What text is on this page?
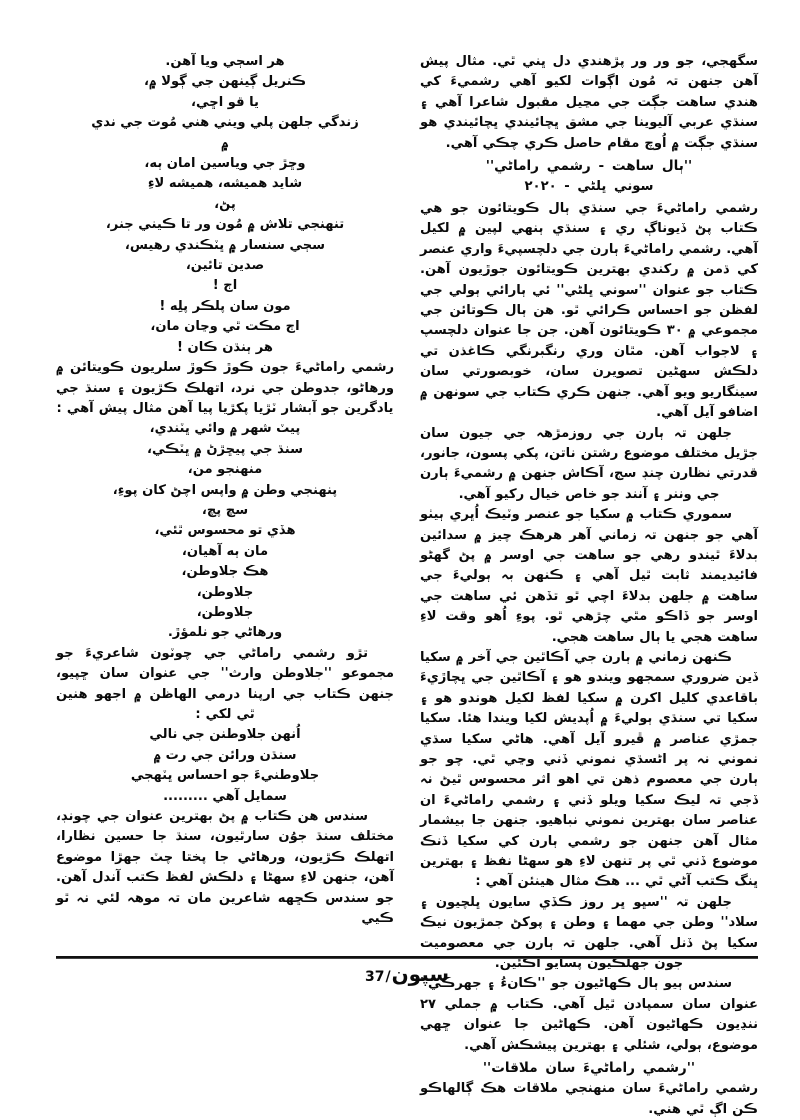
هر اسڄي ويا آهن.
ڪنريل ڳينهن جي ڳولا ۾،
يا قو اڇي،
زندگي جلهن پلي ويني هني مُوت جي ندي
۾
وڇڙ جي وياسين امان ٻه،
شايد هميشه، هميشه لاءِ
پڻ،
تنهنجي تلاش ۾ مُون ور تا ڪيني جنر،
سڄي سنسار ۾ ڀٽڪندي رهيس،
صدين تائين،
اڄ !
مون سان پلڪر پلِه !
اڄ مڪت ٿي وڃان مان،
هر ٻنڌن ڪان !

رشمي راماڻيءَ جون ڪوڙ ڪوڙ سلريون ڪويتائن ۾ ورهاڻو، جدوطن جي نرد، اتهلڪ ڪڙيون ۽ سنڌ جي يادگرين جو آبشار ٽڙيا پکڙيا پيا آهن مثال پيش آهي :

پيٽ شهر ۾ وائي ڀٽندي،
سنڌ جي پيڇڙڻ ۾ ڀٽڪي،
منهنجو من،
پنهنجي وطن ۾ واپس اچڻ کان پوءِ،
سچ پچ،
هڏي تو محسوس ٿئي،
مان ٻه آهيان،
هڪ جلاوطن،
جلاوطن،
جلاوطن،
ورهاڻي جو نلمؤڙ.

تڙو رشمي راماڻي جي چوٽون شاعريءَ جو مجموعو ''جلاوطن وارث'' جي عنوان سان ڇپيو، جنهن ڪتاب جي ارپنا درمي الهاظن ۾ اجهو هنين ٿي لکي :

اُنهن جلاوطنن جي نالي
سنڌن ورائن جي رت ۾
جلاوطنيءَ جو احساس ڀٽهجي
سمايل آهي .........

سندس هن ڪتاب ۾ پڻ بهترين عنوان جي چونڊ، مختلف سنڌ جوُن سارٿيون، سنڌ جا حسين نظارا، اتهلڪ ڪڙيون، ورهاڻي جا پختا چٽ جهڙا موضوع آهن، جنهن لاءِ سهڻا ۽ دلڪش لفظ ڪتب آندل آهن. جو سندس ڪڇهه شاعرين مان تہ موهہ لئي نہ ٿو ڪيي

سگهجي، جو ور ور پڙهندي دل ڀني ٿي. مثال پيش آهن جنهن تہ مُون اڳوات لکيو آهي رشميءَ کي هندي ساهت جڳت جي مڃيل مقبول شاعرا آهي ۽ سنڌي عربي آليوينا جي مشق ڀچائيندي ڀچائيندي هو سنڌي جڳت ۾ اُوچ مقام حاصل ڪري چڪي آهي.

''ٻال ساهت - رشمي راماڻي''
سوني ڀلڻي - ٢٠٢٠

رشمي راماڻيءَ جي سنڌي ٻال ڪويتائون جو هي ڪتاب پڻ ڏيوناڳ ري ۽ سنڌي ٻنهي لپين ۾ لکيل آهي. رشمي راماڻيءَ ٻارن جي دلچسپيءَ واري عنصر کي ڌمن ۾ رکندي بهترين ڪويتائون جوڙيون آهن. ڪتاب جو عنوان ''سوني ڀلڻي'' ئي ٻارائي ٻولي جي لفظن جو احساس ڪرائي ٿو. هن ٻال ڪوتائن جي مجموعي ۾ ٣٠ ڪويتائون آهن. جن جا عنوان دلچسپ ۽ لاجواب آهن. مٿان وري رنگبرنگي ڪاغذن تي دلڪش سهڻين تصويرن سان، خوبصورتي سان سينگاريو ويو آهي. جنهن ڪري ڪتاب جي سونهن ۾ اضافو آيل آهي.

جلهن تہ ٻارن جي روزمڙهہ جي جيون سان جڙيل مختلف موضوع رشتن ناتن، پکي پسون، جانور، قدرتي نظارن چنڊ سج، آڪاش جنهن ۾ رشميءَ ٻارن جي وننر ۽ آنند جو خاص خيال رکيو آهي.

سموري ڪتاب ۾ سکيا جو عنصر وٽيڪ اُڀري ٻيٺو آهي جو جنهن تہ زماني آهر هرهڪ چيز ۾ سدائين بدلاءَ ٿيندو رهي جو ساهت جي اوسر ۾ پڻ گهڻو فائيديمند ثابت ٿيل آهي ۽ ڪنهن بہ ٻوليءَ جي ساهت ۾ جلهن بدلاءَ اچي ٿو تڏهن ئي ساهت جي اوسر جو ڏاڪو مٿي چڙهي ٿو. پوءِ اُهو وقت لاءِ ساهت هجي يا ٻال ساهت هجي.

ڪنهن زماني ۾ ٻارن جي آڪاٿين جي آخر ۾ سکيا ڏين ضروري سمجهو ويندو هو ۽ آڪاٿين جي ڀچاڙيءَ باقاعدي کليل اکرن ۾ سکيا لفظ لکيل هوندو هو ۽ سکيا تي سنڌي ٻوليءَ ۾ اُپديش لکيا ويندا هئا. سکيا جمڙي عناصر ۾ ڦيرو آيل آهي. هاڻي سکيا سڌي نموني نہ پر اڻسڌي نموني ڏني وڃي ٿي. چو جو ٻارن جي معصوم ذهن تي اهو اثر محسوس ٿيڻ نہ ڏجي تہ ليڪ سکيا ويلو ڏني ۽ رشمي راماڻيءَ ان عناصر سان بهترين نموني نباهيو. جنهن جا بيشمار مثال آهن جنهن جو رشمي ٻارن کي سکيا ڏنڪ موضوع ڏني ٿي پر تنهن لاءِ هو سهڻا نفظ ۽ بهترين ڀنگ ڪتب آڻي ٿي ... هڪ مثال هينئن آهي :

جلهن تہ ''سڀو ڀر روز ڪڏي سايون ڀلچيون ۽ سلاد'' وطن جي مهما ۽ وطن ۽ پوکڻ جمڙيون نيڪ سکيا پڻ ڏنل آهي. جلهن تہ ٻارن جي معصوميت جون جهلڪيون پسايو اڪئين.

سندس ٻيو ٻال ڪهاڻيون جو ''ڪانءُ ۽ جهرڪي'' عنوان سان سمپادن ٿيل آهي. ڪتاب ۾ جملي ٢٧ ننڍيون ڪهاڻيون آهن. ڪهاڻين جا عنوان ڇهي موضوع، ٻولي، شئلي ۽ بهترين پيشڪش آهي.

''رشمي راماڻيءَ سان ملاقات''

رشمي راماڻيءَ سان منهنجي ملاقات هڪ ڳالهاڪو ڪن اڳ ٿي هني.

سپون
/
37
